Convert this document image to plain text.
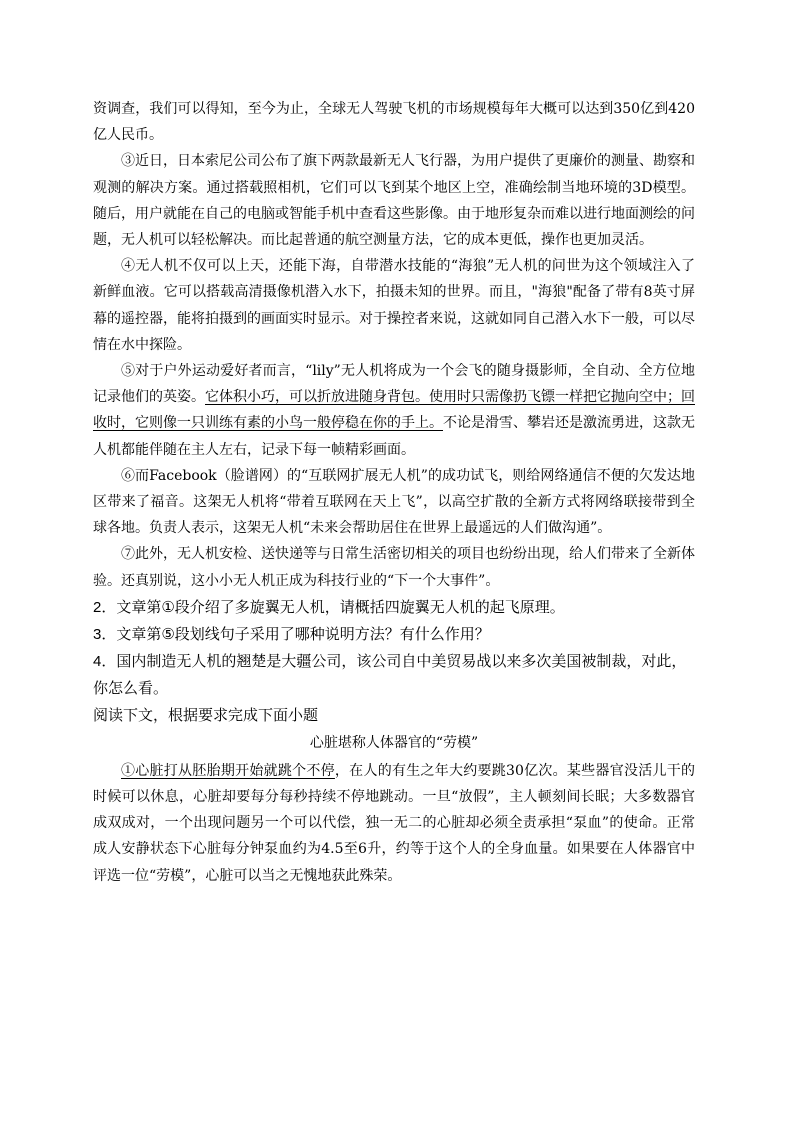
资调查，我们可以得知，至今为止，全球无人驾驶飞机的市场规模每年大概可以达到350亿到420亿人民币。

③近日，日本索尼公司公布了旗下两款最新无人飞行器，为用户提供了更廉价的测量、勘察和观测的解决方案。通过搭载照相机，它们可以飞到某个地区上空，准确绘制当地环境的3D模型。随后，用户就能在自己的电脑或智能手机中查看这些影像。由于地形复杂而难以进行地面测绘的问题，无人机可以轻松解决。而比起普通的航空测量方法，它的成本更低，操作也更加灵活。

④无人机不仅可以上天，还能下海，自带潜水技能的“海狼”无人机的问世为这个领域注入了新鲜血液。它可以搭载高清摄像机潜入水下，拍摄未知的世界。而且，"海狼"配备了带有8英寸屏幕的遥控器，能将拍摄到的画面实时显示。对于操控者来说，这就如同自己潜入水下一般，可以尽情在水中探险。

⑤对于户外运动爱好者而言，“lily”无人机将成为一个会飞的随身摄影师，全自动、全方位地记录他们的英姿。它体积小巧，可以折放进随身背包。使用时只需像扔飞镖一样把它抛向空中；回收时，它则像一只训练有素的小鸟一般停稳在你的手上。不论是滑雪、攀岩还是激流勇进，这款无人机都能伴随在主人左右，记录下每一帧精彩画面。

⑥而Facebook（脸谱网）的“互联网扩展无人机”的成功试飞，则给网络通信不便的欠发达地区带来了福音。这架无人机将“带着互联网在天上飞”，以高空扩散的全新方式将网络联接带到全球各地。负责人表示，这架无人机“未来会帮助居住在世界上最遥远的人们做沟通”。

⑦此外，无人机安检、送快递等与日常生活密切相关的项目也纷纷出现，给人们带来了全新体验。还真别说，这小小无人机正成为科技行业的“下一个大事件”。

2．文章第①段介绍了多旋翼无人机，请概括四旋翼无人机的起飞原理。

3．文章第⑤段划线句子采用了哪种说明方法？有什么作用？

4．国内制造无人机的翘楚是大疆公司，该公司自中美贸易战以来多次美国被制裁，对此，你怎么看。

阅读下文，根据要求完成下面小题

心脏堪称人体器官的“劳模”

①心脏打从胚胎期开始就跳个不停，在人的有生之年大约要跳30亿次。某些器官没活儿干的时候可以休息，心脏却要每分每秒持续不停地跳动。一旦“放假”，主人顿刻间长眠；大多数器官成双成对，一个出现问题另一个可以代偿，独一无二的心脏却必须全责承担“泵血”的使命。正常成人安静状态下心脏每分钟泵血约为4.5至6升，约等于这个人的全身血量。如果要在人体器官中评选一位“劳模”，心脏可以当之无愧地获此殊荣。
